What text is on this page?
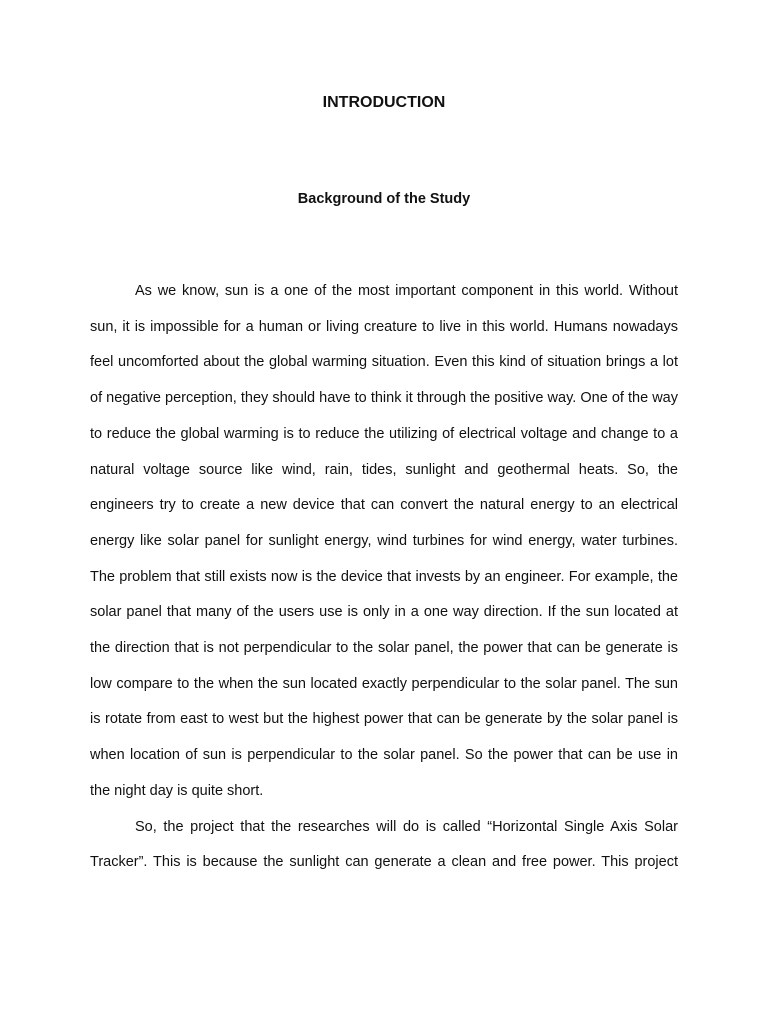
INTRODUCTION
Background of the Study

As we know, sun is a one of the most important component in this world. Without sun, it is impossible for a human or living creature to live in this world. Humans nowadays feel uncomforted about the global warming situation. Even this kind of situation brings a lot of negative perception, they should have to think it through the positive way. One of the way to reduce the global warming is to reduce the utilizing of electrical voltage and change to a natural voltage source like wind, rain, tides, sunlight and geothermal heats. So, the engineers try to create a new device that can convert the natural energy to an electrical energy like solar panel for sunlight energy, wind turbines for wind energy, water turbines. The problem that still exists now is the device that invests by an engineer. For example, the solar panel that many of the users use is only in a one way direction. If the sun located at the direction that is not perpendicular to the solar panel, the power that can be generate is low compare to the when the sun located exactly perpendicular to the solar panel. The sun is rotate from east to west but the highest power that can be generate by the solar panel is when location of sun is perpendicular to the solar panel. So the power that can be use in the night day is quite short.

So, the project that the researches will do is called “Horizontal Single Axis Solar Tracker”. This is because the sunlight can generate a clean and free power. This project
